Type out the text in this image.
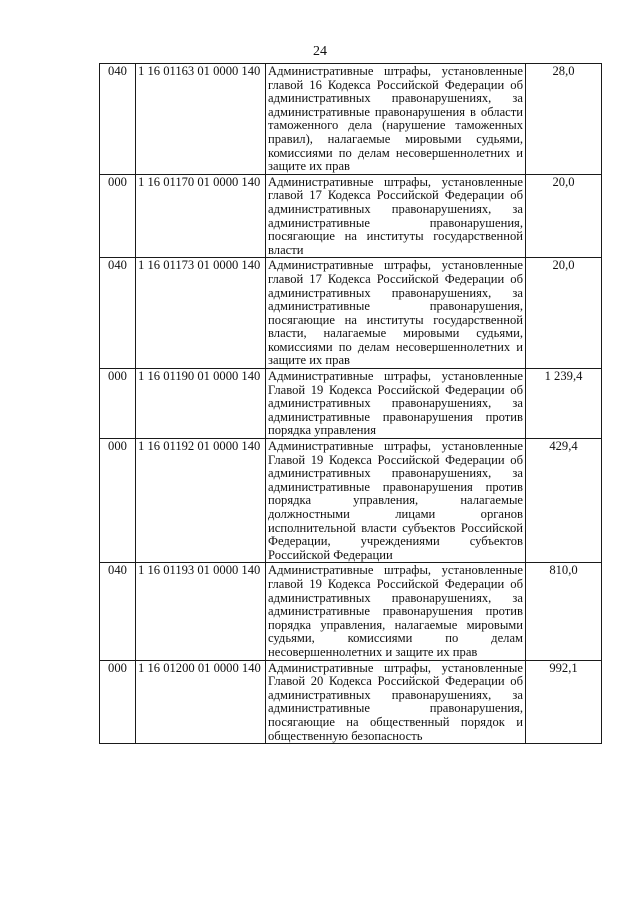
24
040	1 16 01163 01 0000 140	Административные штрафы, установленные главой 16 Кодекса Российской Федерации об административных правонарушениях, за административные правонарушения в области таможенного дела (нарушение таможенных правил), налагаемые мировыми судьями, комиссиями по делам несовершеннолетних и защите их прав	28,0
000	1 16 01170 01 0000 140	Административные штрафы, установленные главой 17 Кодекса Российской Федерации об административных правонарушениях, за административные правонарушения, посягающие на институты государственной власти	20,0
040	1 16 01173 01 0000 140	Административные штрафы, установленные главой 17 Кодекса Российской Федерации об административных правонарушениях, за административные правонарушения, посягающие на институты государственной власти, налагаемые мировыми судьями, комиссиями по делам несовершеннолетних и защите их прав	20,0
000	1 16 01190 01 0000 140	Административные штрафы, установленные Главой 19 Кодекса Российской Федерации об административных правонарушениях, за административные правонарушения против порядка управления	1 239,4
000	1 16 01192 01 0000 140	Административные штрафы, установленные Главой 19 Кодекса Российской Федерации об административных правонарушениях, за административные правонарушения против порядка управления, налагаемые должностными лицами органов исполнительной власти субъектов Российской Федерации, учреждениями субъектов Российской Федерации	429,4
040	1 16 01193 01 0000 140	Административные штрафы, установленные главой 19 Кодекса Российской Федерации об административных правонарушениях, за административные правонарушения против порядка управления, налагаемые мировыми судьями, комиссиями по делам несовершеннолетних и защите их прав	810,0
000	1 16 01200 01 0000 140	Административные штрафы, установленные Главой 20 Кодекса Российской Федерации об административных правонарушениях, за административные правонарушения, посягающие на общественный порядок и общественную безопасность	992,1
